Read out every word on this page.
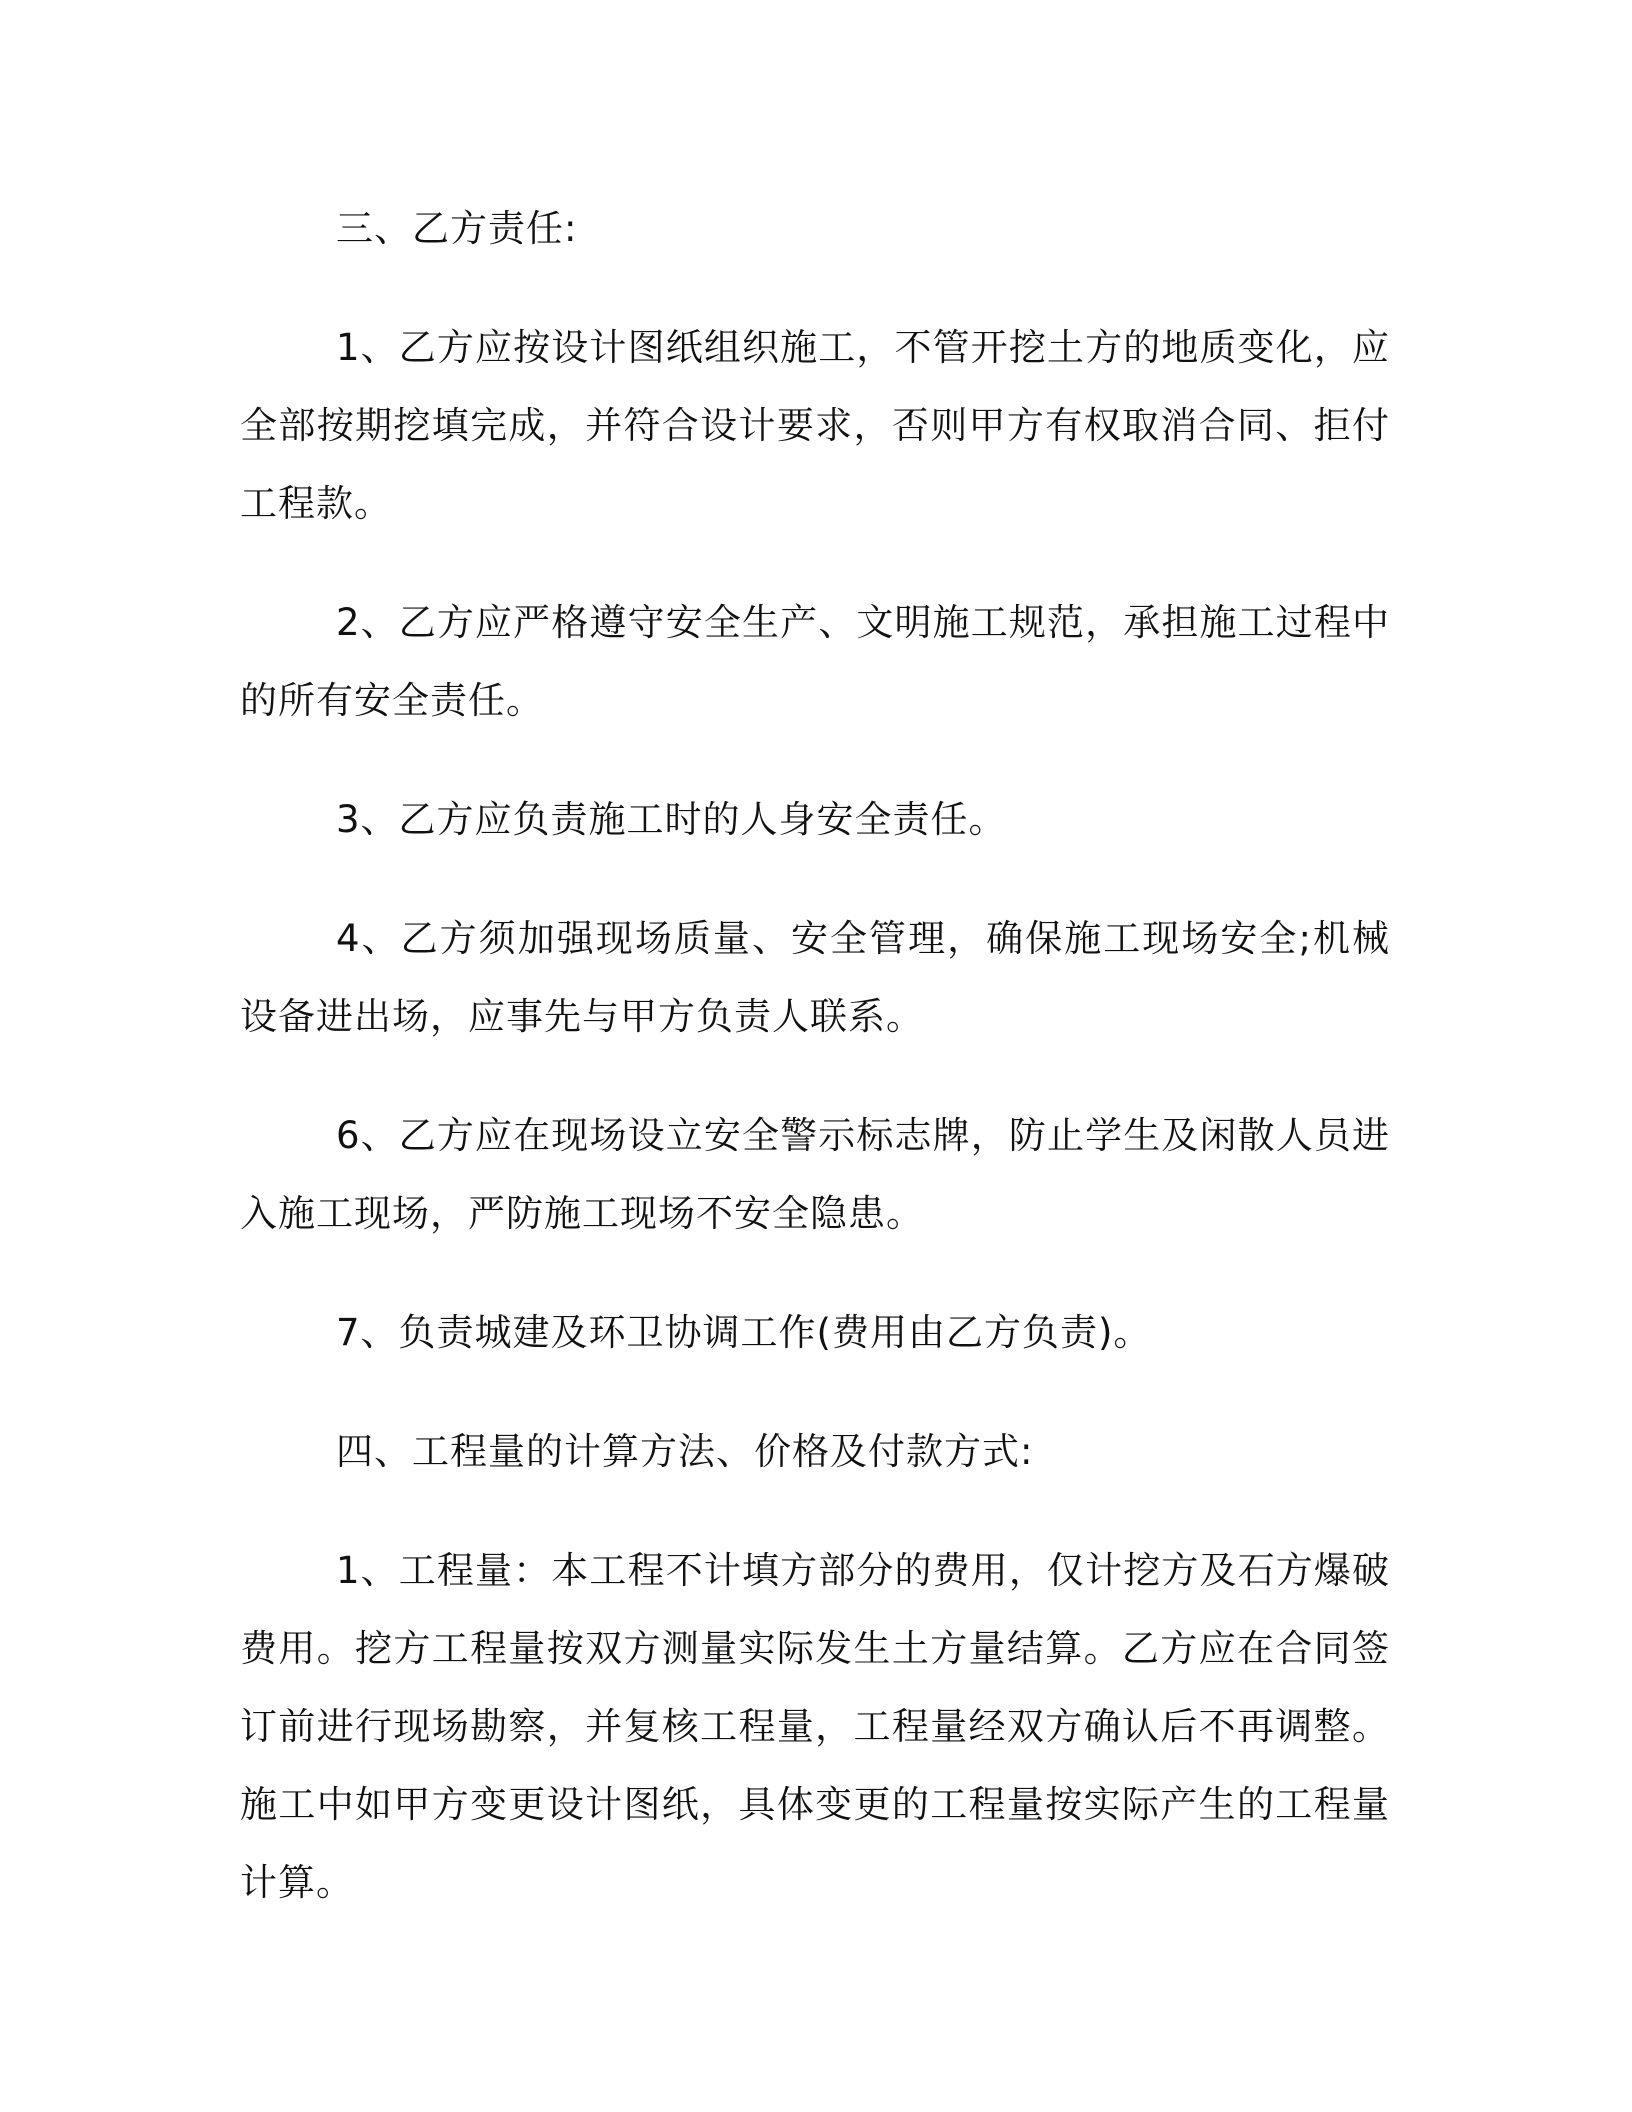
三、乙方责任:

1、乙方应按设计图纸组织施工，不管开挖土方的地质变化，应全部按期挖填完成，并符合设计要求，否则甲方有权取消合同、拒付工程款。

2、乙方应严格遵守安全生产、文明施工规范，承担施工过程中的所有安全责任。

3、乙方应负责施工时的人身安全责任。

4、乙方须加强现场质量、安全管理，确保施工现场安全;机械设备进出场，应事先与甲方负责人联系。

6、乙方应在现场设立安全警示标志牌，防止学生及闲散人员进入施工现场，严防施工现场不安全隐患。

7、负责城建及环卫协调工作(费用由乙方负责)。

四、工程量的计算方法、价格及付款方式:

1、工程量：本工程不计填方部分的费用，仅计挖方及石方爆破费用。挖方工程量按双方测量实际发生土方量结算。乙方应在合同签订前进行现场勘察，并复核工程量，工程量经双方确认后不再调整。施工中如甲方变更设计图纸，具体变更的工程量按实际产生的工程量计算。
